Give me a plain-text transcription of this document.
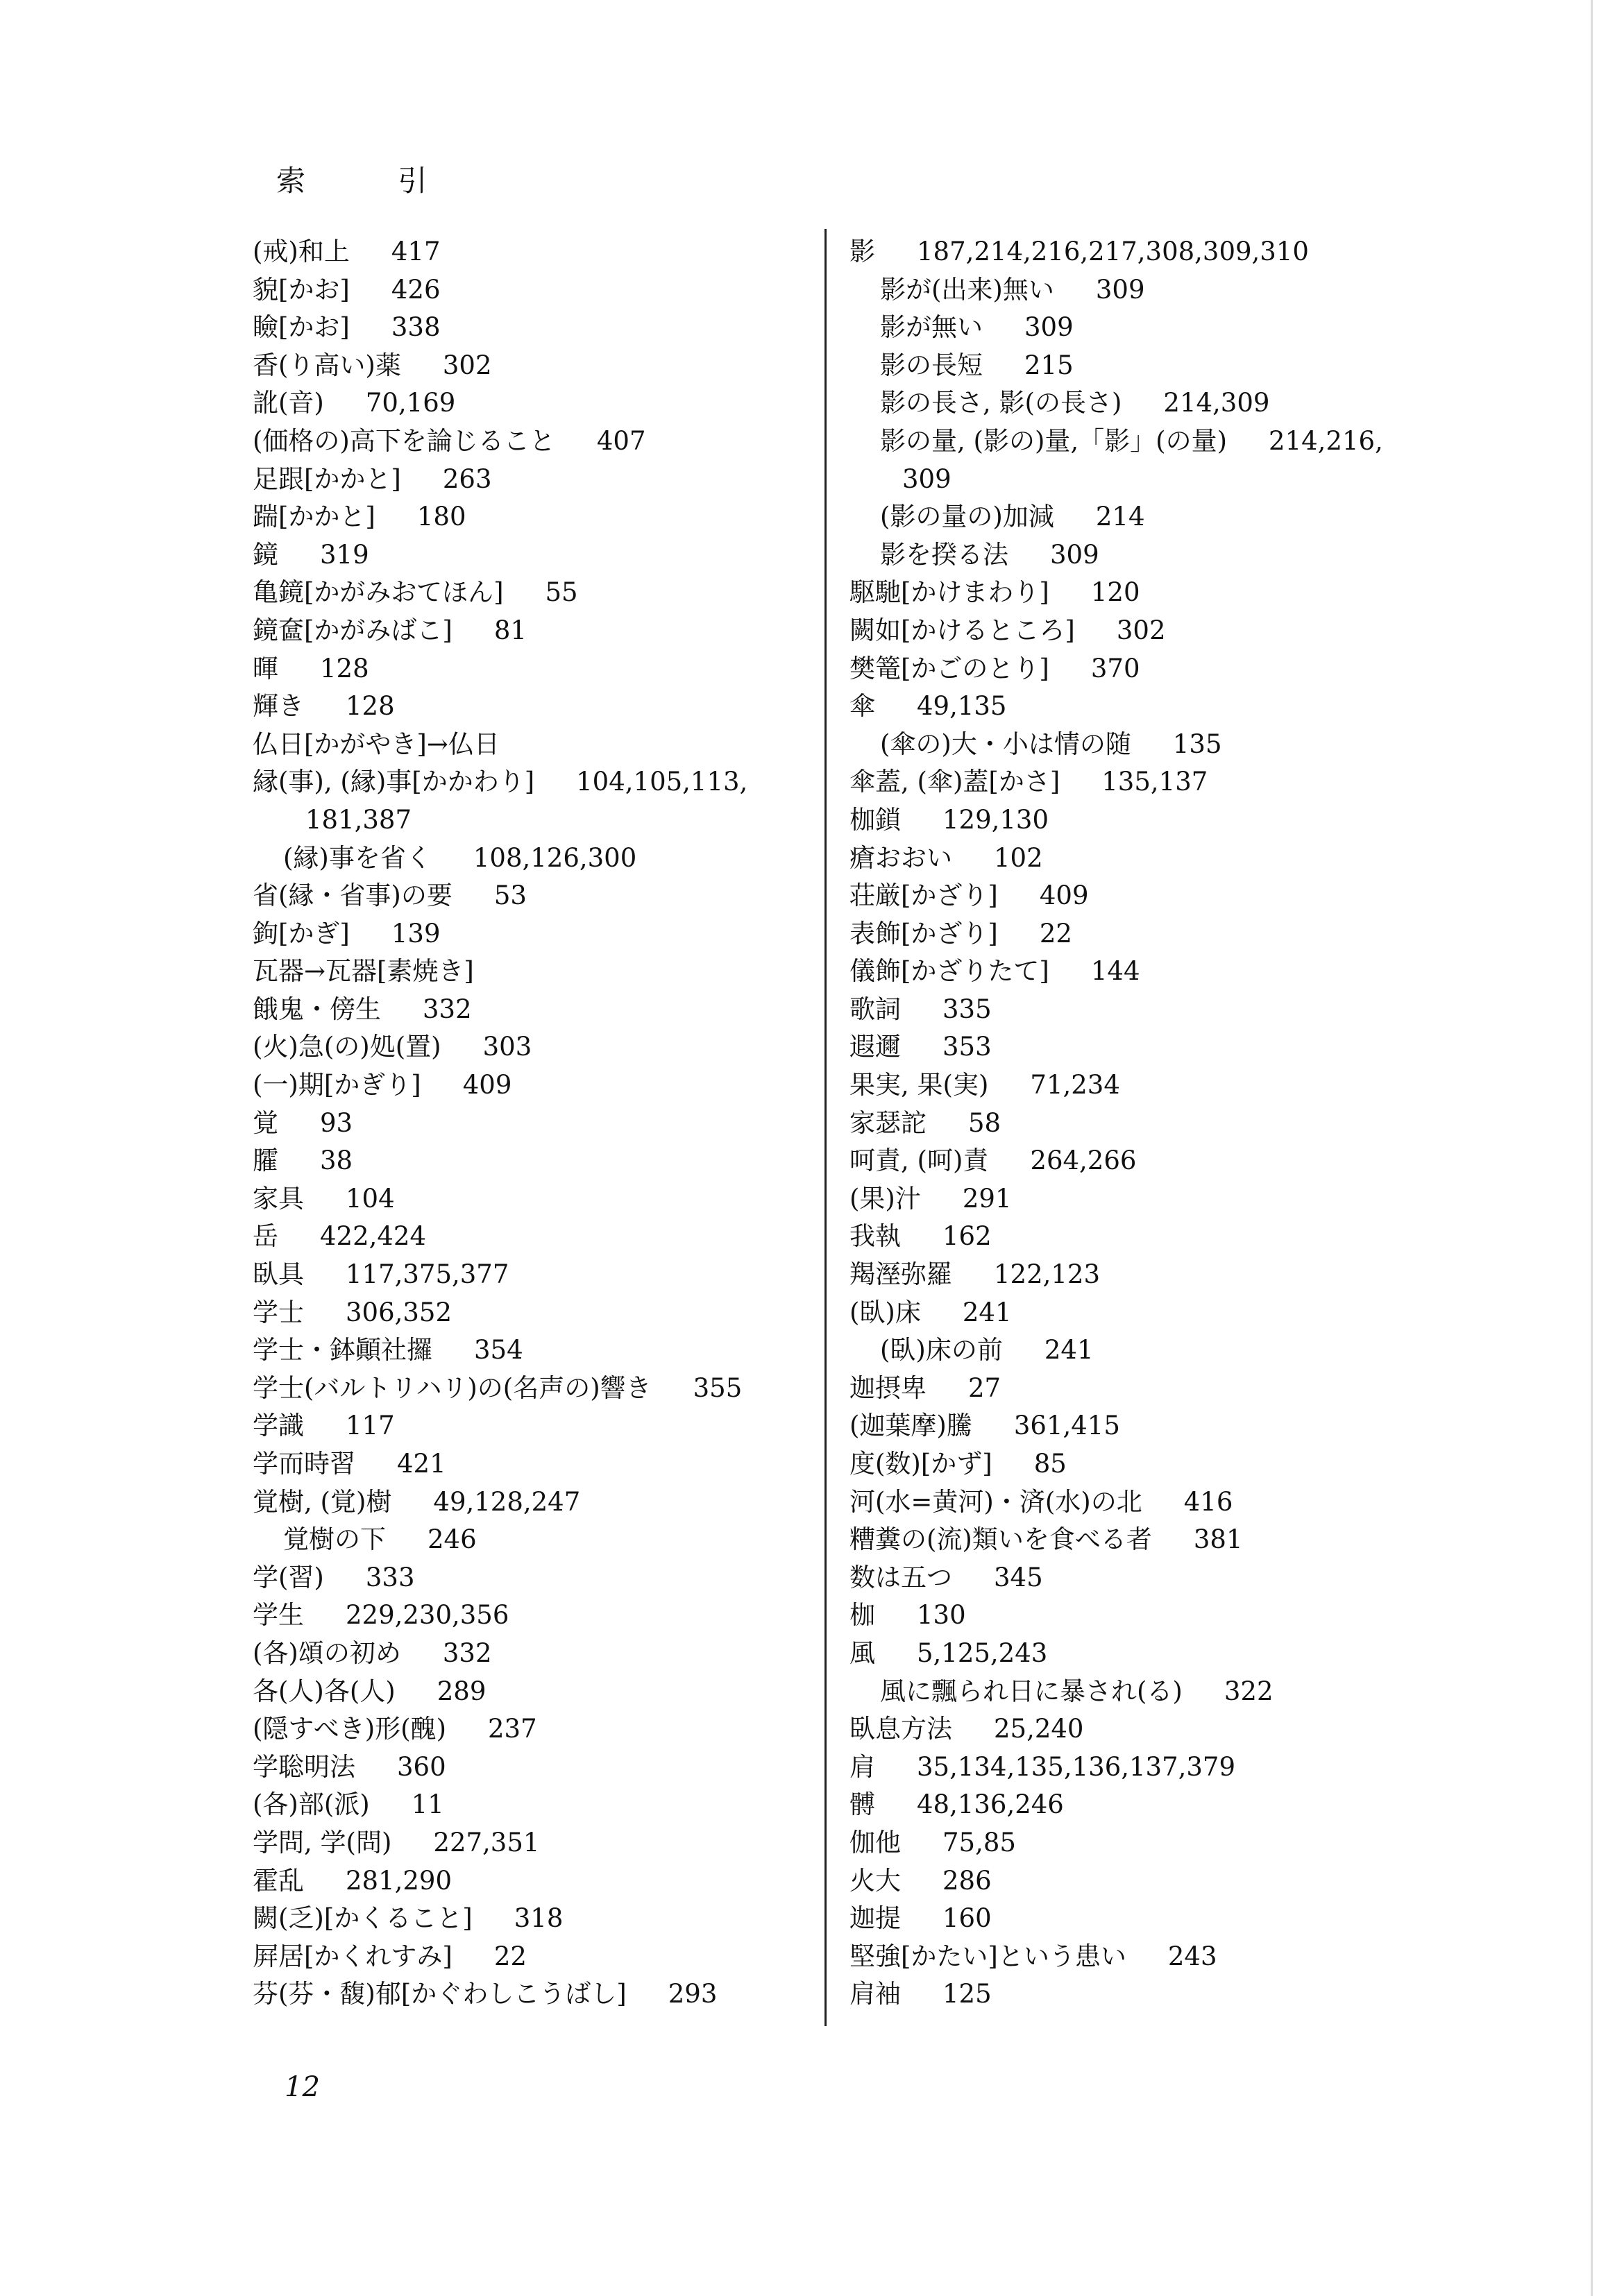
索 引
(戒)和上 417
貌[かお] 426
瞼[かお] 338
香(り高い)薬 302
訛(音) 70,169
(価格の)高下を論じること 407
足跟[かかと] 263
踹[かかと] 180
鏡 319
亀鏡[かがみおてほん] 55
鏡奩[かがみばこ] 81
暉 128
輝き 128
仏日[かがやき]→仏日
縁(事), (縁)事[かかわり] 104,105,113,
181,387
(縁)事を省く 108,126,300
省(縁・省事)の要 53
鉤[かぎ] 139
瓦器→瓦器[素焼き]
餓鬼・傍生 332
(火)急(の)処(置) 303
(一)期[かぎり] 409
覚 93
臛 38
家具 104
岳 422,424
臥具 117,375,377
学士 306,352
学士・鉢顚社攞 354
学士(バルトリハリ)の(名声の)響き 355
学識 117
学而時習 421
覚樹, (覚)樹 49,128,247
覚樹の下 246
学(習) 333
学生 229,230,356
(各)頌の初め 332
各(人)各(人) 289
(隠すべき)形(醜) 237
学聡明法 360
(各)部(派) 11
学問, 学(問) 227,351
霍乱 281,290
闕(乏)[かくること] 318
屛居[かくれすみ] 22
芬(芬・馥)郁[かぐわしこうばし] 293
影 187,214,216,217,308,309,310
影が(出来)無い 309
影が無い 309
影の長短 215
影の長さ, 影(の長さ) 214,309
影の量, (影の)量,「影」(の量) 214,216,
309
(影の量の)加減 214
影を揆る法 309
駆馳[かけまわり] 120
闕如[かけるところ] 302
樊篭[かごのとり] 370
傘 49,135
(傘の)大・小は情の随 135
傘蓋, (傘)蓋[かさ] 135,137
枷鎖 129,130
瘡おおい 102
荘厳[かざり] 409
表飾[かざり] 22
儀飾[かざりたて] 144
歌詞 335
遐邇 353
果実, 果(実) 71,234
家瑟詑 58
呵責, (呵)責 264,266
(果)汁 291
我執 162
羯溼弥羅 122,123
(臥)床 241
(臥)床の前 241
迦摂卑 27
(迦葉摩)騰 361,415
度(数)[かず] 85
河(水=黄河)・済(水)の北 416
糟糞の(流)類いを食べる者 381
数は五つ 345
枷 130
風 5,125,243
風に飄られ日に暴され(る) 322
臥息方法 25,240
肩 35,134,135,136,137,379
髆 48,136,246
伽他 75,85
火大 286
迦提 160
堅強[かたい]という患い 243
肩袖 125
12
